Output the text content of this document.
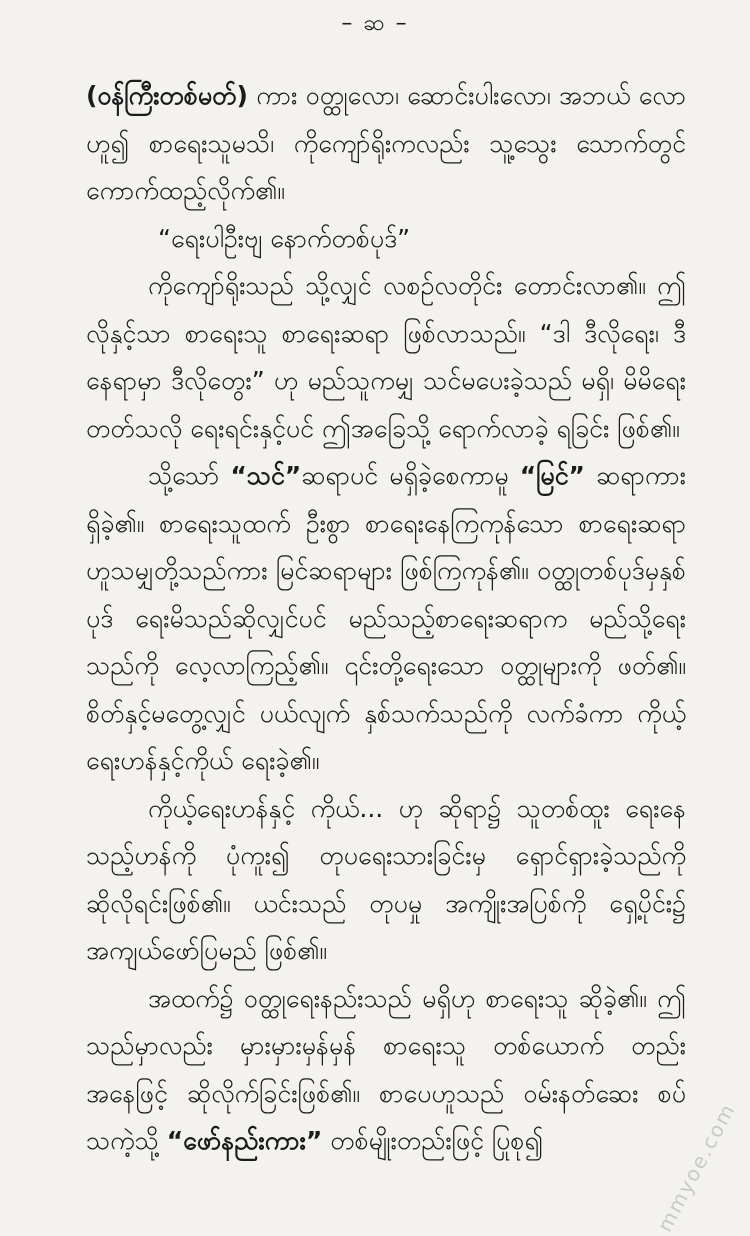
– ဆ –

(ဝန်ကြီးတစ်မတ်) ကား ဝတ္ထုလော၊ ဆောင်းပါးလော၊ အဘယ် လော ဟူ၍ စာရေးသူမသိ၊ ကိုကျော်ရိုးကလည်း သူ့သွေး သောက်တွင် ကောက်ထည့်လိုက်၏။

“ရေးပါဦးဗျ နောက်တစ်ပုဒ်”

ကိုကျော်ရိုးသည် သို့လျှင် လစဉ်လတိုင်း တောင်းလာ၏။ ဤလိုနှင့်သာ စာရေးသူ စာရေးဆရာ ဖြစ်လာသည်။ “ဒါ ဒီလိုရေး၊ ဒီနေရာမှာ ဒီလိုတွေး” ဟု မည်သူကမျှ သင်မပေးခဲ့သည် မရှိ၊ မိမိရေးတတ်သလို ရေးရင်းနှင့်ပင် ဤအခြေသို့ ရောက်လာခဲ့ ရခြင်း ဖြစ်၏။

သို့သော် “သင်”ဆရာပင် မရှိခဲ့စေကာမူ “မြင်” ဆရာကား ရှိခဲ့၏။ စာရေးသူထက် ဦးစွာ စာရေးနေကြကုန်သော စာရေးဆရာ ဟူသမျှတို့သည်ကား မြင်ဆရာများ ဖြစ်ကြကုန်၏။ ဝတ္ထုတစ်ပုဒ်မှနှစ်ပုဒ် ရေးမိသည်ဆိုလျှင်ပင် မည်သည့်စာရေးဆရာက မည်သို့ရေးသည်ကို လေ့လာကြည့်၏။ ၎င်းတို့ရေးသော ဝတ္ထုများကို ဖတ်၏။ စိတ်နှင့်မတွေ့လျှင် ပယ်လျက် နှစ်သက်သည်ကို လက်ခံကာ ကိုယ့်ရေးဟန်နှင့်ကိုယ် ရေးခဲ့၏။

ကိုယ့်ရေးဟန်နှင့် ကိုယ်... ဟု ဆိုရာ၌ သူတစ်ထူး ရေးနေသည့်ဟန်ကို ပုံကူး၍ တုပရေးသားခြင်းမှ ရှောင်ရှားခဲ့သည်ကို ဆိုလိုရင်းဖြစ်၏။ ယင်းသည် တုပမှု အကျိုးအပြစ်ကို ရှေ့ပိုင်း၌ အကျယ်ဖော်ပြမည် ဖြစ်၏။

အထက်၌ ဝတ္ထုရေးနည်းသည် မရှိဟု စာရေးသူ ဆိုခဲ့၏။ ဤသည်မှာလည်း မှားမှားမှန်မှန် စာရေးသူ တစ်ယောက် တည်းအနေဖြင့် ဆိုလိုက်ခြင်းဖြစ်၏။ စာပေဟူသည် ဝမ်းနတ်ဆေး စပ်သကဲ့သို့ “ဖော်နည်းကား” တစ်မျိုးတည်းဖြင့် ပြုစု၍	mmyoe.com
